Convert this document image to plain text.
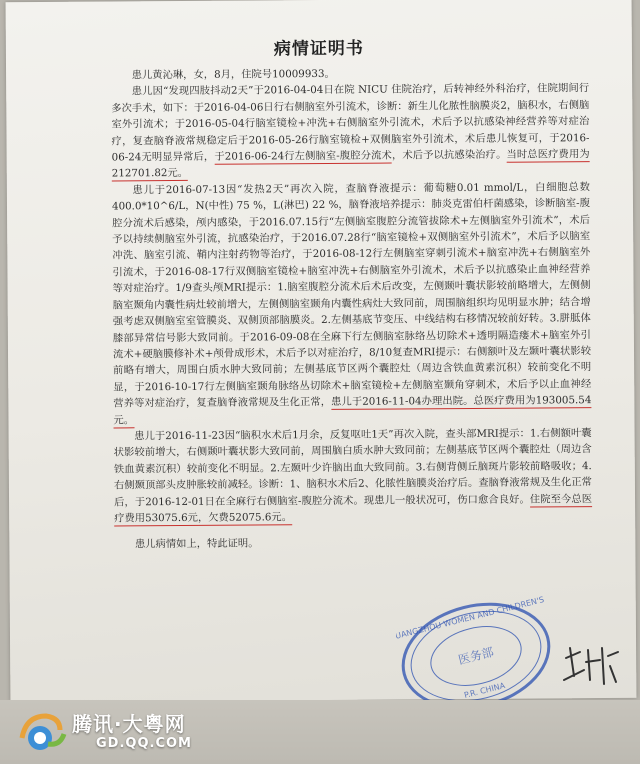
病情证明书

患儿黄沁琳，女，8月，住院号10009933。

患儿因“发现四肢抖动2天”于2016-04-04日在院 NICU 住院治疗，后转神经外科治疗，住院期间行多次手术，如下：于2016-04-06日行右侧脑室外引流术，诊断：新生儿化脓性脑膜炎2，脑积水，右侧脑室外引流术；于2016-05-04行脑室镜检+冲洗+右侧脑室外引流术，术后予以抗感染神经营养等对症治疗，复查脑脊液常规稳定后于2016-05-26行脑室镜检+双侧脑室外引流术，术后患儿恢复可，于2016-06-24无明显异常后，于2016-06-24行左侧脑室-腹腔分流术，术后予以抗感染治疗。当时总医疗费用为212701.82元。

患儿于2016-07-13因“发热2天”再次入院，查脑脊液提示：葡萄糖0.01 mmol/L，白细胞总数400.0*10^6/L，N(中性) 75 %，L(淋巴) 22 %，脑脊液培养提示：肺炎克雷伯杆菌感染，诊断脑室-腹腔分流术后感染，颅内感染，于2016.07.15行“左侧脑室腹腔分流管拔除术+左侧脑室外引流术”，术后予以持续侧脑室外引流，抗感染治疗，于2016.07.28行“脑室镜检+双侧脑室外引流术”，术后予以脑室冲洗、脑室引流、鞘内注射药物等治疗，于2016-08-12行左侧脑室穿刺引流术+脑室冲洗+右侧脑室外引流术，于2016-08-17行双侧脑室镜检+脑室冲洗+右侧脑室外引流术，术后予以抗感染止血神经营养等对症治疗。1/9查头颅MRI提示：1.脑室腹腔分流术后术后改变，左侧颞叶囊状影较前略增大，左侧侧脑室颞角内囊性病灶较前增大，左侧侧脑室颞角内囊性病灶大致同前，周围脑组织均见明显水肿；结合增强考虑双侧脑室室管膜炎、双侧顶部脑膜炎。2.左侧基底节变压、中线结构右移情况较前好转。3.胼胝体膝部异常信号影大致同前。于2016-09-08在全麻下行左侧脑室脉络丛切除术+透明隔造瘘术+脑室外引流术+硬脑膜修补术+颅骨成形术，术后予以对症治疗，8/10复查MRI提示：右侧额叶及左颞叶囊状影较前略有增大，周围白质水肿大致同前；左侧基底节区两个囊腔灶（周边含铁血黄素沉积）较前变化不明显，于2016-10-17行左侧脑室颞角脉络丛切除术+脑室镜检+左侧脑室颞角穿刺术，术后予以止血神经营养等对症治疗，复查脑脊液常规及生化正常，患儿于2016-11-04办理出院。总医疗费用为193005.54元。

患儿于2016-11-23因“脑积水术后1月余，反复呕吐1天”再次入院，查头部MRI提示：1.右侧额叶囊状影较前增大，右侧颞叶囊状影大致同前，周围脑白质水肿大致同前；左侧基底节区两个囊腔灶（周边含铁血黄素沉积）较前变化不明显。2.左颞叶少许脑出血大致同前。3.右侧背侧丘脑斑片影较前略吸收；4.右侧颞顶部头皮肿胀较前减轻。诊断：1、脑积水术后2、化脓性脑膜炎治疗后。查脑脊液常规及生化正常后，于2016-12-01日在全麻行右侧脑室-腹腔分流术。现患儿一般状况可，伤口愈合良好。住院至今总医疗费用53075.6元，欠费52075.6元。

患儿病情如上，特此证明。

医务部
P.R. CHINA
GUANGZHOU WOMEN AND CHILDREN'S
腾讯·大粤网
GD.QQ.COM
